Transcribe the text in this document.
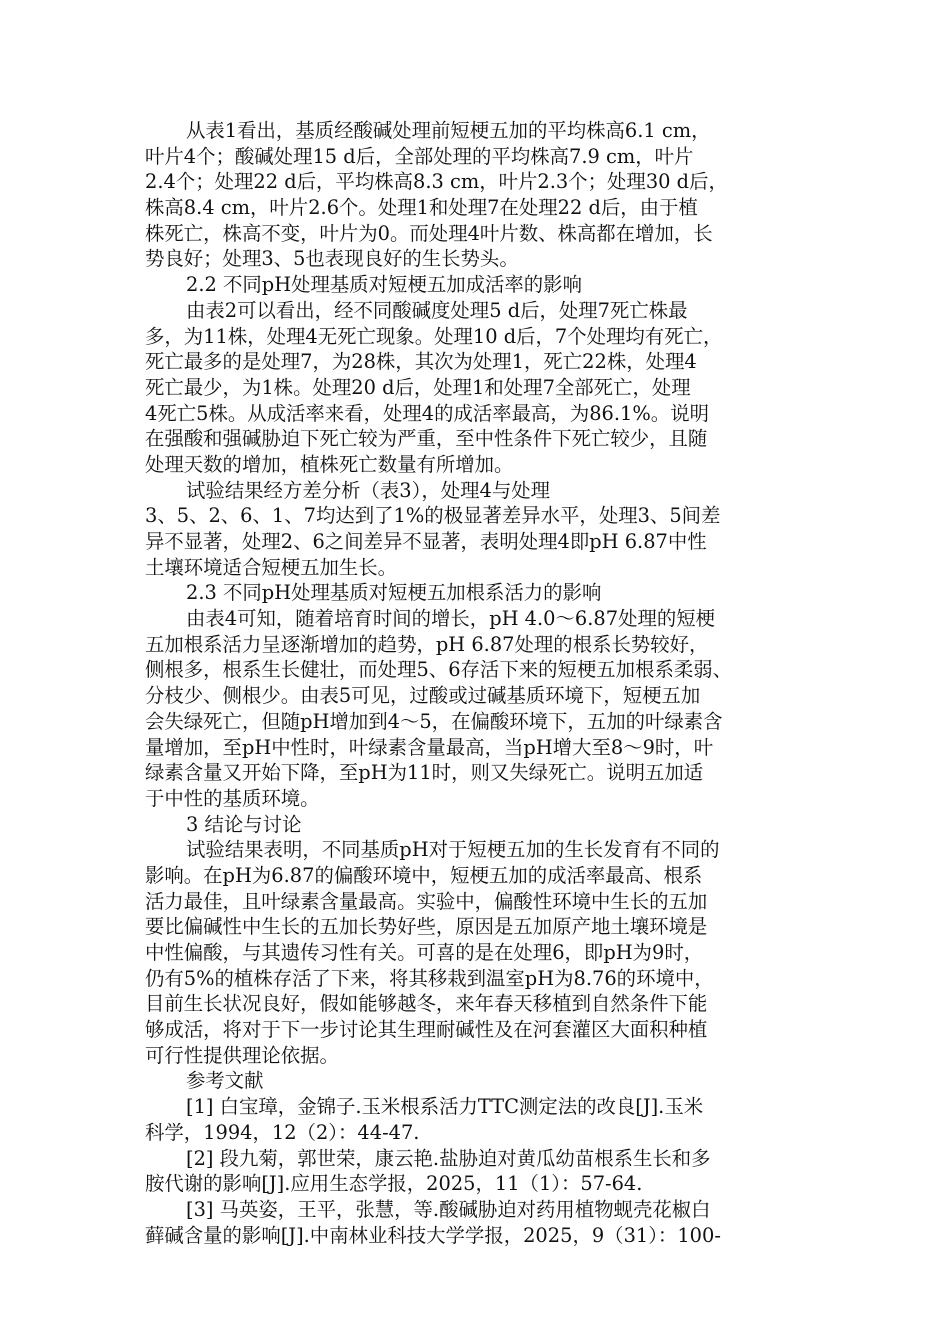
从表1看出，基质经酸碱处理前短梗五加的平均株高6.1 cm，
叶片4个；酸碱处理15 d后，全部处理的平均株高7.9 cm，叶片
2.4个；处理22 d后，平均株高8.3 cm，叶片2.3个；处理30 d后，
株高8.4 cm，叶片2.6个。处理1和处理7在处理22 d后，由于植
株死亡，株高不变，叶片为0。而处理4叶片数、株高都在增加，长
势良好；处理3、5也表现良好的生长势头。
2.2 不同pH处理基质对短梗五加成活率的影响
由表2可以看出，经不同酸碱度处理5 d后，处理7死亡株最
多，为11株，处理4无死亡现象。处理10 d后，7个处理均有死亡，
死亡最多的是处理7，为28株，其次为处理1，死亡22株，处理4
死亡最少，为1株。处理20 d后，处理1和处理7全部死亡，处理
4死亡5株。从成活率来看，处理4的成活率最高，为86.1%。说明
在强酸和强碱胁迫下死亡较为严重，至中性条件下死亡较少，且随
处理天数的增加，植株死亡数量有所增加。
试验结果经方差分析（表3），处理4与处理
3、5、2、6、1、7均达到了1%的极显著差异水平，处理3、5间差
异不显著，处理2、6之间差异不显著，表明处理4即pH 6.87中性
土壤环境适合短梗五加生长。
2.3 不同pH处理基质对短梗五加根系活力的影响
由表4可知，随着培育时间的增长，pH 4.0～6.87处理的短梗
五加根系活力呈逐渐增加的趋势，pH 6.87处理的根系长势较好，
侧根多，根系生长健壮，而处理5、6存活下来的短梗五加根系柔弱、
分枝少、侧根少。由表5可见，过酸或过碱基质环境下，短梗五加
会失绿死亡，但随pH增加到4～5，在偏酸环境下，五加的叶绿素含
量增加，至pH中性时，叶绿素含量最高，当pH增大至8～9时，叶
绿素含量又开始下降，至pH为11时，则又失绿死亡。说明五加适
于中性的基质环境。
3 结论与讨论
试验结果表明，不同基质pH对于短梗五加的生长发育有不同的
影响。在pH为6.87的偏酸环境中，短梗五加的成活率最高、根系
活力最佳，且叶绿素含量最高。实验中，偏酸性环境中生长的五加
要比偏碱性中生长的五加长势好些，原因是五加原产地土壤环境是
中性偏酸，与其遗传习性有关。可喜的是在处理6，即pH为9时，
仍有5%的植株存活了下来，将其移栽到温室pH为8.76的环境中，
目前生长状况良好，假如能够越冬，来年春天移植到自然条件下能
够成活，将对于下一步讨论其生理耐碱性及在河套灌区大面积种植
可行性提供理论依据。
参考文献
[1] 白宝璋，金锦子.玉米根系活力TTC测定法的改良[J].玉米
科学，1994，12（2）：44-47.
[2] 段九菊，郭世荣，康云艳.盐胁迫对黄瓜幼苗根系生长和多
胺代谢的影响[J].应用生态学报，2025，11（1）：57-64.
[3] 马英姿，王平，张慧，等.酸碱胁迫对药用植物蚬壳花椒白
藓碱含量的影响[J].中南林业科技大学学报，2025，9（31）：100-
